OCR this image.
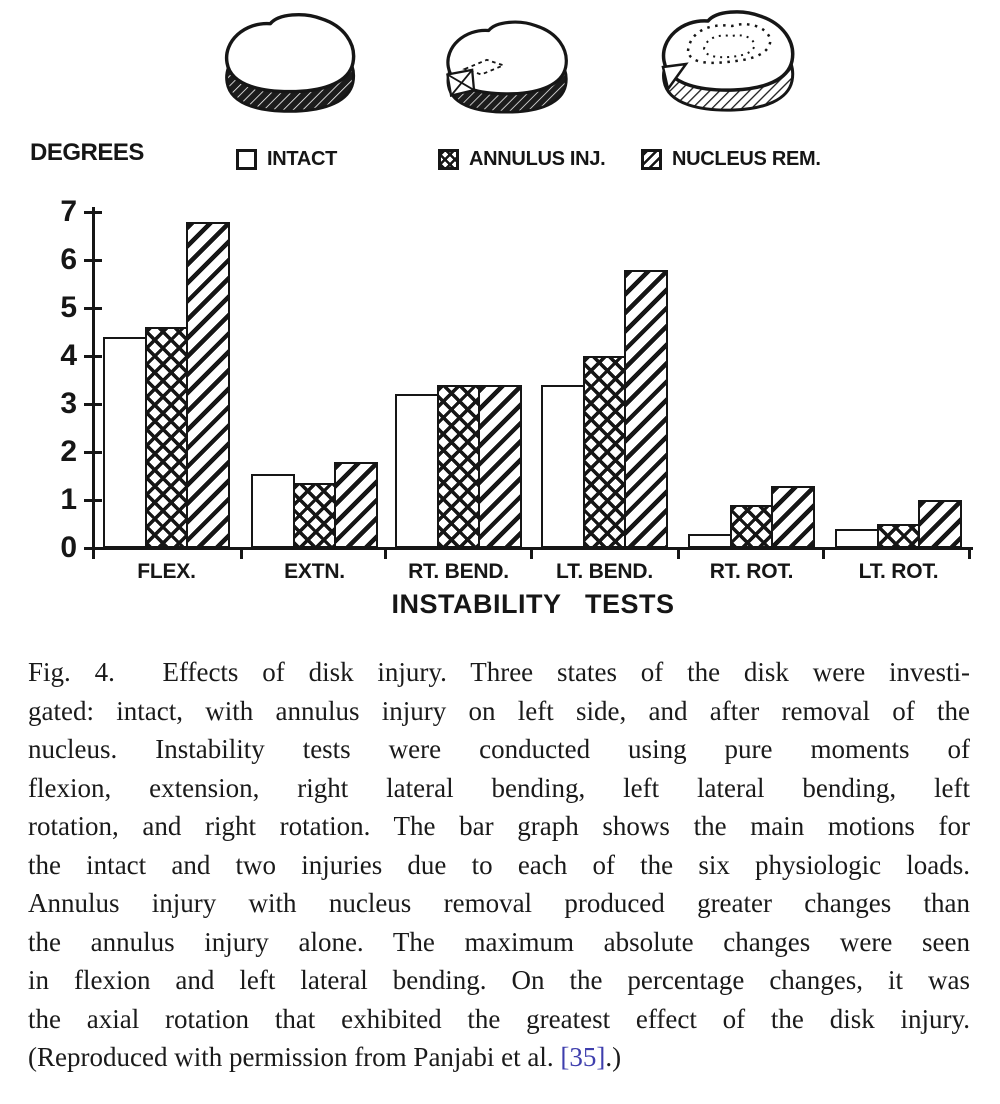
DEGREES	INTACT	ANNULUS INJ.	NUCLEUS REM.
0
1
2
3
4
5
6
7
FLEX.	EXTN.	RT. BEND.	LT. BEND.	RT. ROT.	LT. ROT.
INSTABILITY TESTS
Fig. 4.  Effects of disk injury. Three states of the disk were investi-
gated: intact, with annulus injury on left side, and after removal of the
nucleus. Instability tests were conducted using pure moments of
flexion, extension, right lateral bending, left lateral bending, left
rotation, and right rotation. The bar graph shows the main motions for
the intact and two injuries due to each of the six physiologic loads.
Annulus injury with nucleus removal produced greater changes than
the annulus injury alone. The maximum absolute changes were seen
in flexion and left lateral bending. On the percentage changes, it was
the axial rotation that exhibited the greatest effect of the disk injury.
(Reproduced with permission from Panjabi et al. [35].)
